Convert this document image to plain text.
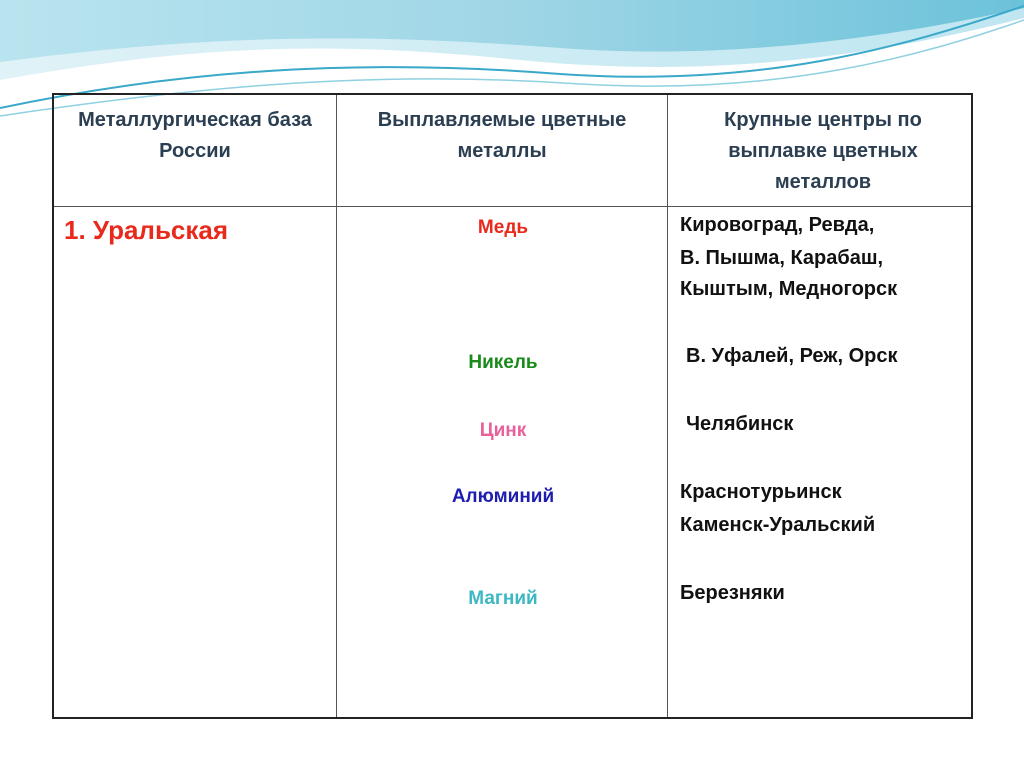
Металлургическая база России
Выплавляемые цветные металлы
Крупные центры по выплавке цветных металлов
1. Уральская	Медь
Никель
Цинк
Алюминий
Магний
Кировоград, Ревда,
В. Пышма, Карабаш,
Кыштым, Медногорск
В. Уфалей, Реж, Орск
Челябинск
Краснотурьинск
Каменск-Уральский
Березняки
